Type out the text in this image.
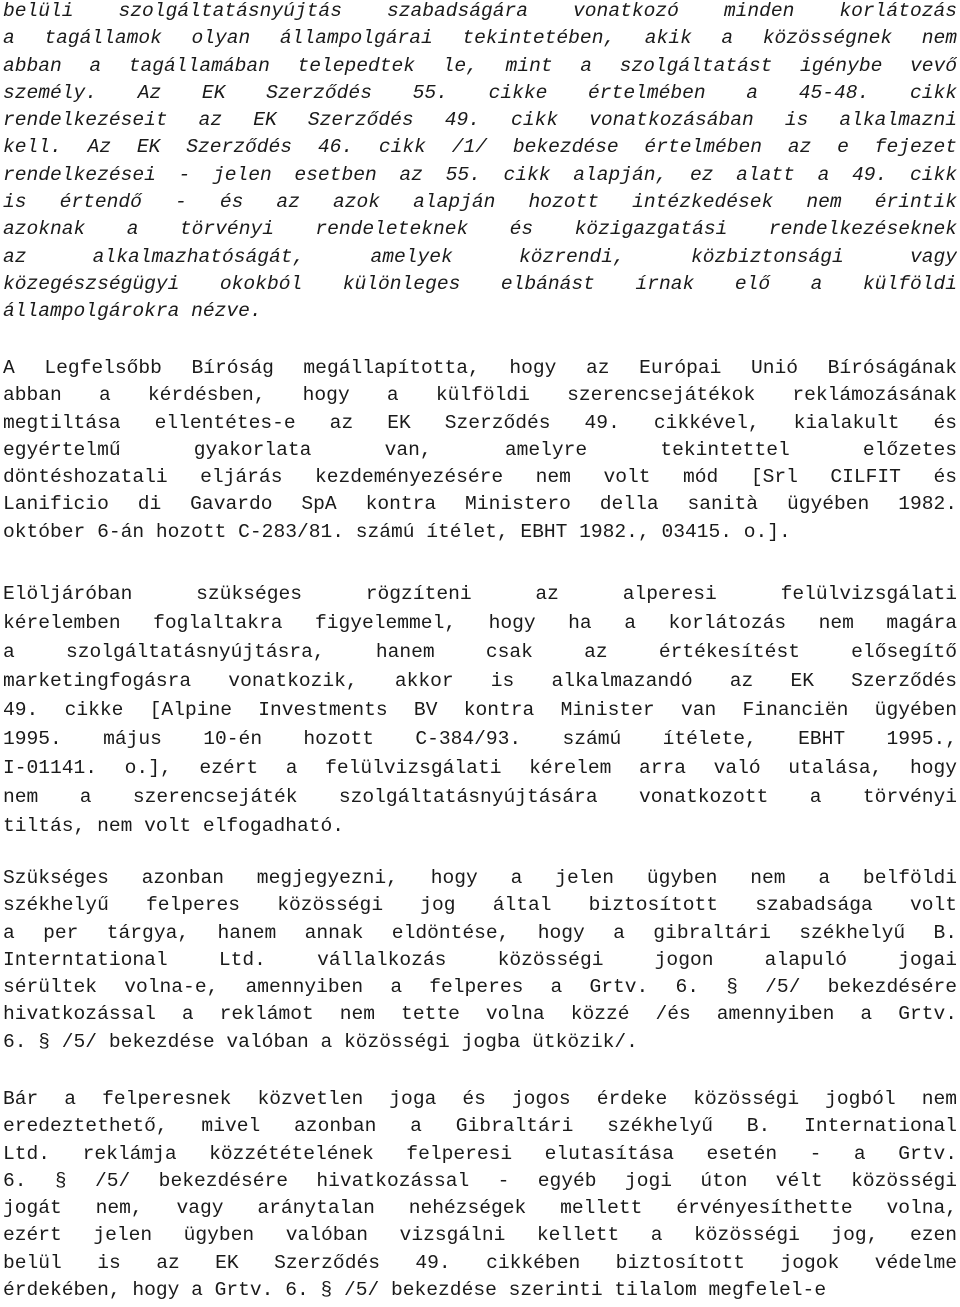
belüli szolgáltatásnyújtás szabadságára vonatkozó minden korlátozás
a tagállamok olyan állampolgárai tekintetében, akik a közösségnek nem
abban a tagállamában telepedtek le, mint a szolgáltatást igénybe vevő
személy. Az EK Szerződés 55. cikke értelmében a 45-48. cikk
rendelkezéseit az EK Szerződés 49. cikk vonatkozásában is alkalmazni
kell. Az EK Szerződés 46. cikk /1/ bekezdése értelmében az e fejezet
rendelkezései - jelen esetben az 55. cikk alapján, ez alatt a 49. cikk
is értendő - és az azok alapján hozott intézkedések nem érintik
azoknak a törvényi rendeleteknek és közigazgatási rendelkezéseknek
az alkalmazhatóságát, amelyek közrendi, közbiztonsági vagy
közegészségügyi okokból különleges elbánást írnak elő a külföldi
állampolgárokra nézve.
A Legfelsőbb Bíróság megállapította, hogy az Európai Unió Bíróságának
abban a kérdésben, hogy a külföldi szerencsejátékok reklámozásának
megtiltása ellentétes-e az EK Szerződés 49. cikkével, kialakult és
egyértelmű gyakorlata van, amelyre tekintettel előzetes
döntéshozatali eljárás kezdeményezésére nem volt mód [Srl CILFIT és
Lanificio di Gavardo SpA kontra Ministero della sanità ügyében 1982.
október 6-án hozott C-283/81. számú ítélet, EBHT 1982., 03415. o.].
Elöljáróban szükséges rögzíteni az alperesi felülvizsgálati
kérelemben foglaltakra figyelemmel, hogy ha a korlátozás nem magára
a szolgáltatásnyújtásra, hanem csak az értékesítést elősegítő
marketingfogásra vonatkozik, akkor is alkalmazandó az EK Szerződés
49. cikke [Alpine Investments BV kontra Minister van Financiën ügyében
1995. május 10-én hozott C-384/93. számú ítélete, EBHT 1995.,
I-01141. o.], ezért a felülvizsgálati kérelem arra való utalása, hogy
nem a szerencsejáték szolgáltatásnyújtására vonatkozott a törvényi
tiltás, nem volt elfogadható.
Szükséges azonban megjegyezni, hogy a jelen ügyben nem a belföldi
székhelyű felperes közösségi jog által biztosított szabadsága volt
a per tárgya, hanem annak eldöntése, hogy a gibraltári székhelyű B.
Interntational Ltd. vállalkozás közösségi jogon alapuló jogai
sérültek volna-e, amennyiben a felperes a Grtv. 6. § /5/ bekezdésére
hivatkozással a reklámot nem tette volna közzé /és amennyiben a Grtv.
6. § /5/ bekezdése valóban a közösségi jogba ütközik/.
Bár a felperesnek közvetlen joga és jogos érdeke közösségi jogból nem
eredeztethető, mivel azonban a Gibraltári székhelyű B. International
Ltd. reklámja közzétételének felperesi elutasítása esetén - a Grtv.
6. § /5/ bekezdésére hivatkozással - egyéb jogi úton vélt közösségi
jogát nem, vagy aránytalan nehézségek mellett érvényesíthette volna,
ezért jelen ügyben valóban vizsgálni kellett a közösségi jog, ezen
belül is az EK Szerződés 49. cikkében biztosított jogok védelme
érdekében, hogy a Grtv. 6. § /5/ bekezdése szerinti tilalom megfelel-e
